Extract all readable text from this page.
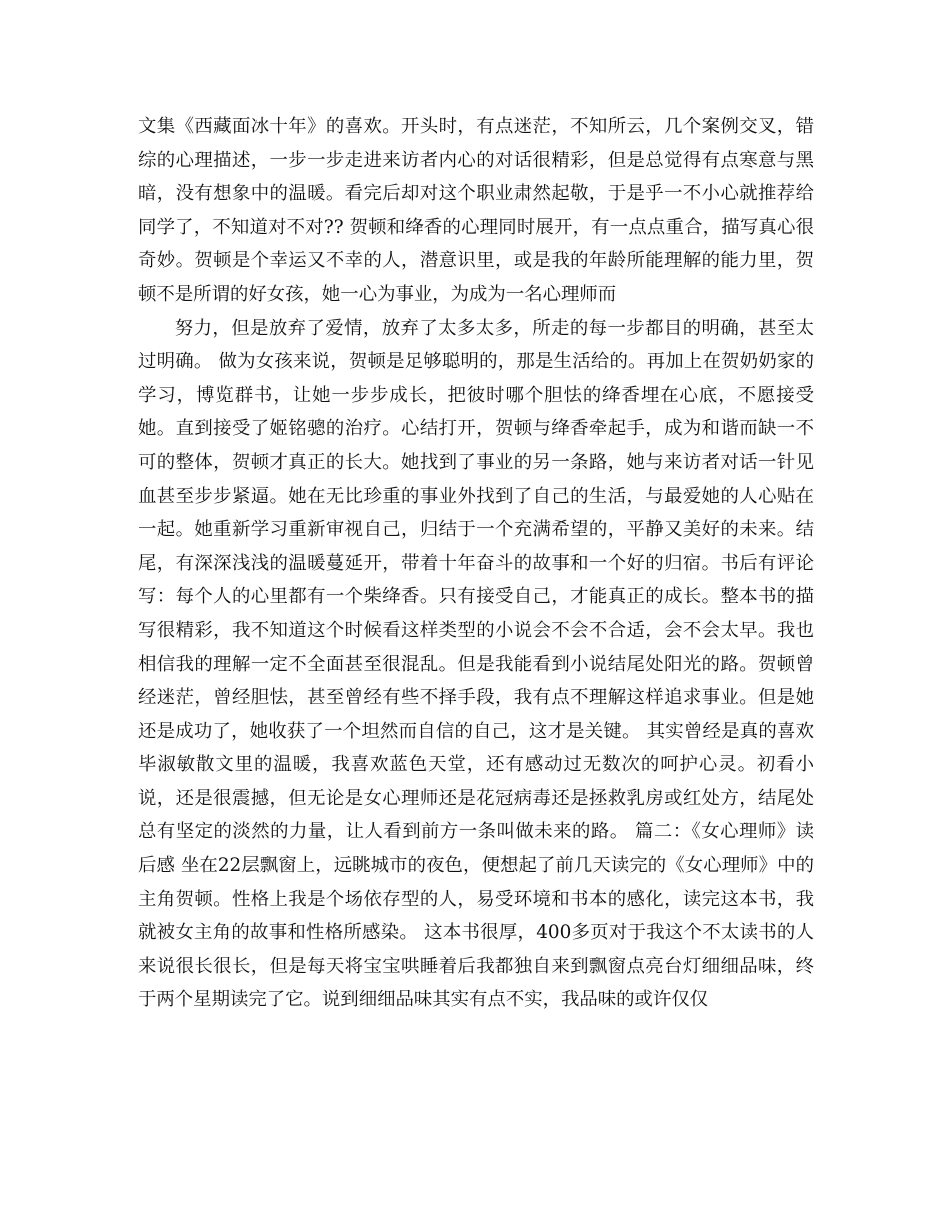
文集《西藏面冰十年》的喜欢。开头时，有点迷茫，不知所云，几个案例交叉，错综的心理描述，一步一步走进来访者内心的对话很精彩，但是总觉得有点寒意与黑暗，没有想象中的温暖。看完后却对这个职业肃然起敬，于是乎一不小心就推荐给同学了，不知道对不对?? 贺顿和绛香的心理同时展开，有一点点重合，描写真心很奇妙。贺顿是个幸运又不幸的人，潜意识里，或是我的年龄所能理解的能力里，贺顿不是所谓的好女孩，她一心为事业，为成为一名心理师而

努力，但是放弃了爱情，放弃了太多太多，所走的每一步都目的明确，甚至太过明确。 做为女孩来说，贺顿是足够聪明的，那是生活给的。再加上在贺奶奶家的学习，博览群书，让她一步步成长，把彼时哪个胆怯的绛香埋在心底，不愿接受她。直到接受了姬铭骢的治疗。心结打开，贺顿与绛香牵起手，成为和谐而缺一不可的整体，贺顿才真正的长大。她找到了事业的另一条路，她与来访者对话一针见血甚至步步紧逼。她在无比珍重的事业外找到了自己的生活，与最爱她的人心贴在一起。她重新学习重新审视自己，归结于一个充满希望的，平静又美好的未来。结尾，有深深浅浅的温暖蔓延开，带着十年奋斗的故事和一个好的归宿。书后有评论写：每个人的心里都有一个柴绛香。只有接受自己，才能真正的成长。整本书的描写很精彩，我不知道这个时候看这样类型的小说会不会不合适，会不会太早。我也相信我的理解一定不全面甚至很混乱。但是我能看到小说结尾处阳光的路。贺顿曾经迷茫，曾经胆怯，甚至曾经有些不择手段，我有点不理解这样追求事业。但是她还是成功了，她收获了一个坦然而自信的自己，这才是关键。 其实曾经是真的喜欢毕淑敏散文里的温暖，我喜欢蓝色天堂，还有感动过无数次的呵护心灵。初看小说，还是很震撼，但无论是女心理师还是花冠病毒还是拯救乳房或红处方，结尾处总有坚定的淡然的力量，让人看到前方一条叫做未来的路。 篇二：《女心理师》读后感 坐在22层飘窗上，远眺城市的夜色，便想起了前几天读完的《女心理师》中的主角贺顿。性格上我是个场依存型的人，易受环境和书本的感化，读完这本书，我就被女主角的故事和性格所感染。 这本书很厚，400多页对于我这个不太读书的人来说很长很长，但是每天将宝宝哄睡着后我都独自来到飘窗点亮台灯细细品味，终于两个星期读完了它。说到细细品味其实有点不实，我品味的或许仅仅
